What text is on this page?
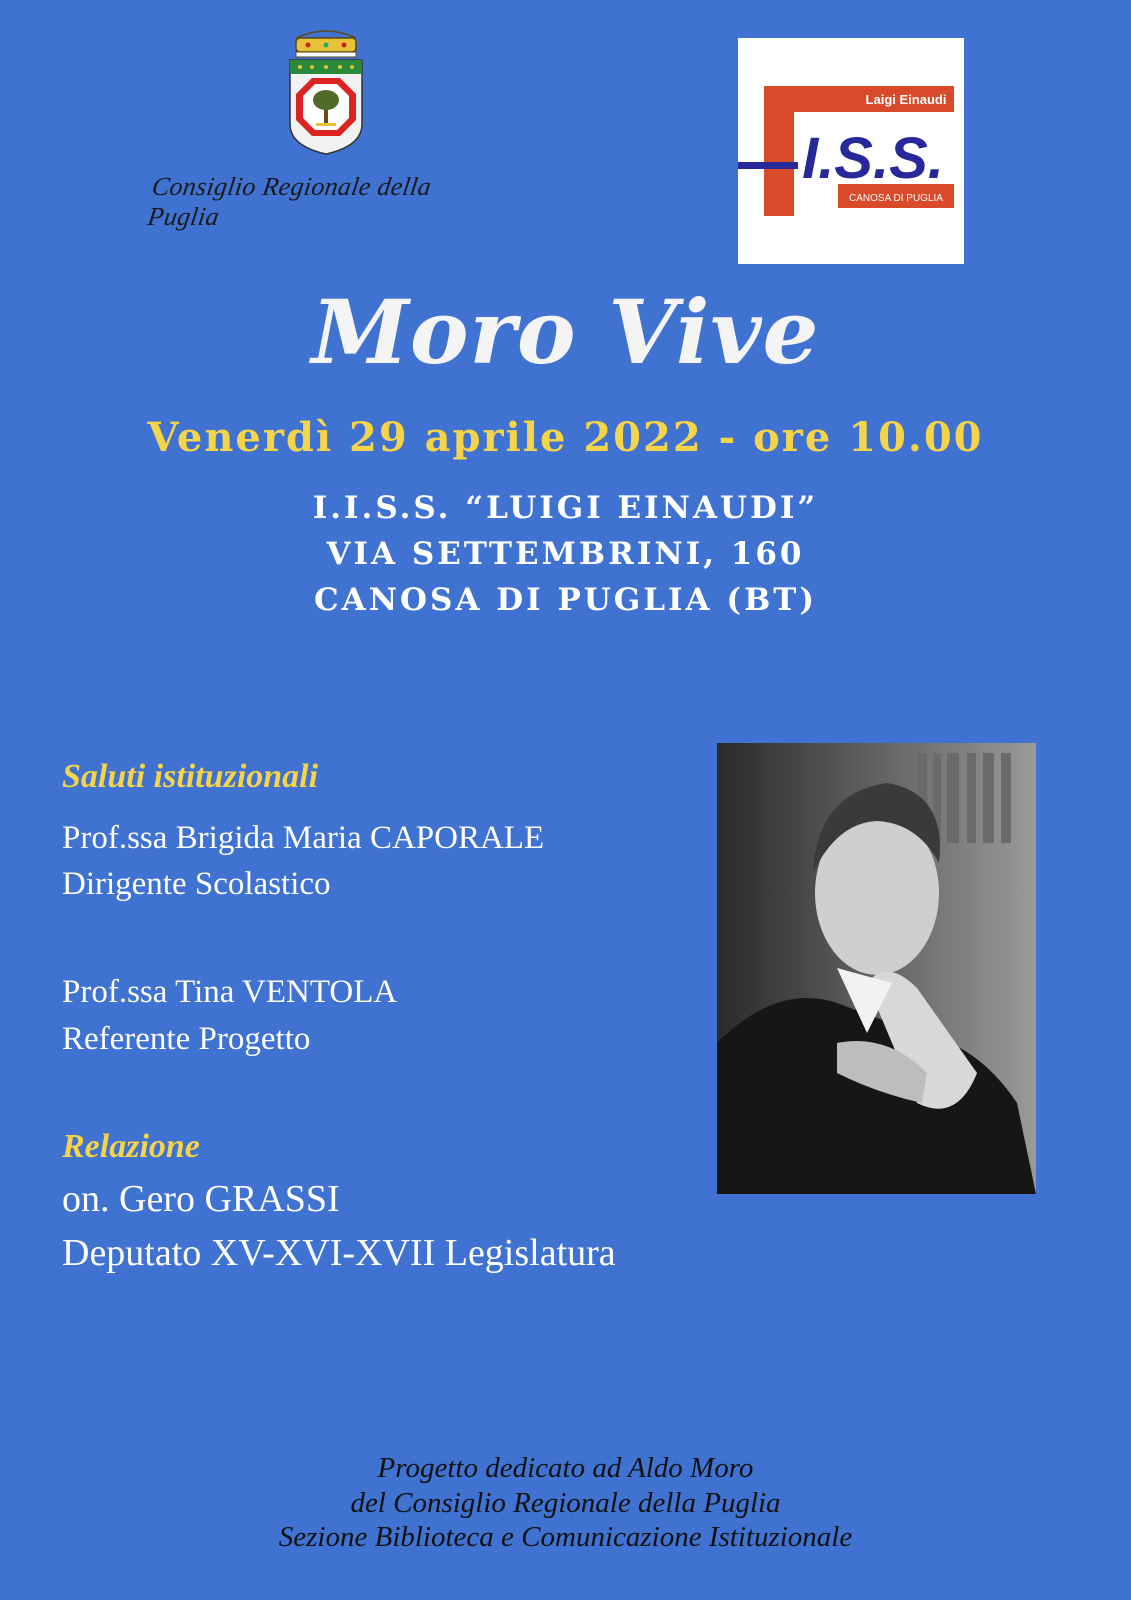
Consiglio Regionale della Puglia
Laigi Einaudi
I.S.S.
CANOSA DI PUGLIA
Moro Vive
Venerdì 29 aprile 2022 - ore 10.00
I.I.S.S. “LUIGI EINAUDI”
VIA SETTEMBRINI, 160
CANOSA DI PUGLIA (BT)
Saluti istituzionali
Prof.ssa Brigida Maria CAPORALE
Dirigente Scolastico
Prof.ssa Tina VENTOLA
Referente Progetto
Relazione
on. Gero GRASSI
Deputato XV-XVI-XVII Legislatura
Progetto dedicato ad Aldo Moro
del Consiglio Regionale della Puglia
Sezione Biblioteca e Comunicazione Istituzionale
